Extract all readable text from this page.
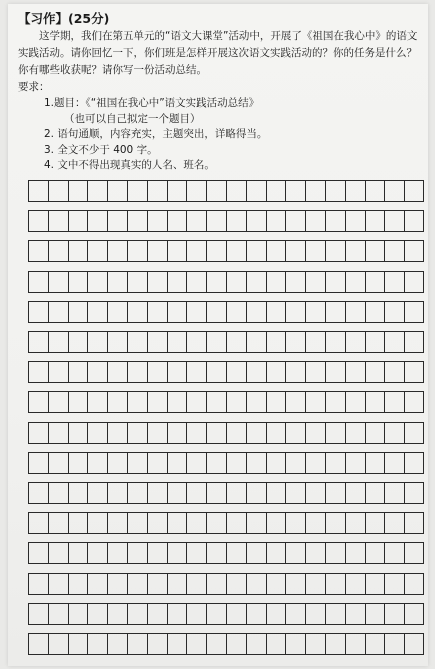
【习作】(25分)

这学期，我们在第五单元的“语文大课堂”活动中，开展了《祖国在我心中》的语文实践活动。请你回忆一下，你们班是怎样开展这次语文实践活动的？你的任务是什么？你有哪些收获呢？请你写一份活动总结。

要求：
1.题目：《“祖国在我心中”语文实践活动总结》
（也可以自己拟定一个题目）
2. 语句通顺，内容充实，主题突出，详略得当。
3. 全文不少于 400 字。
4. 文中不得出现真实的人名、班名。
